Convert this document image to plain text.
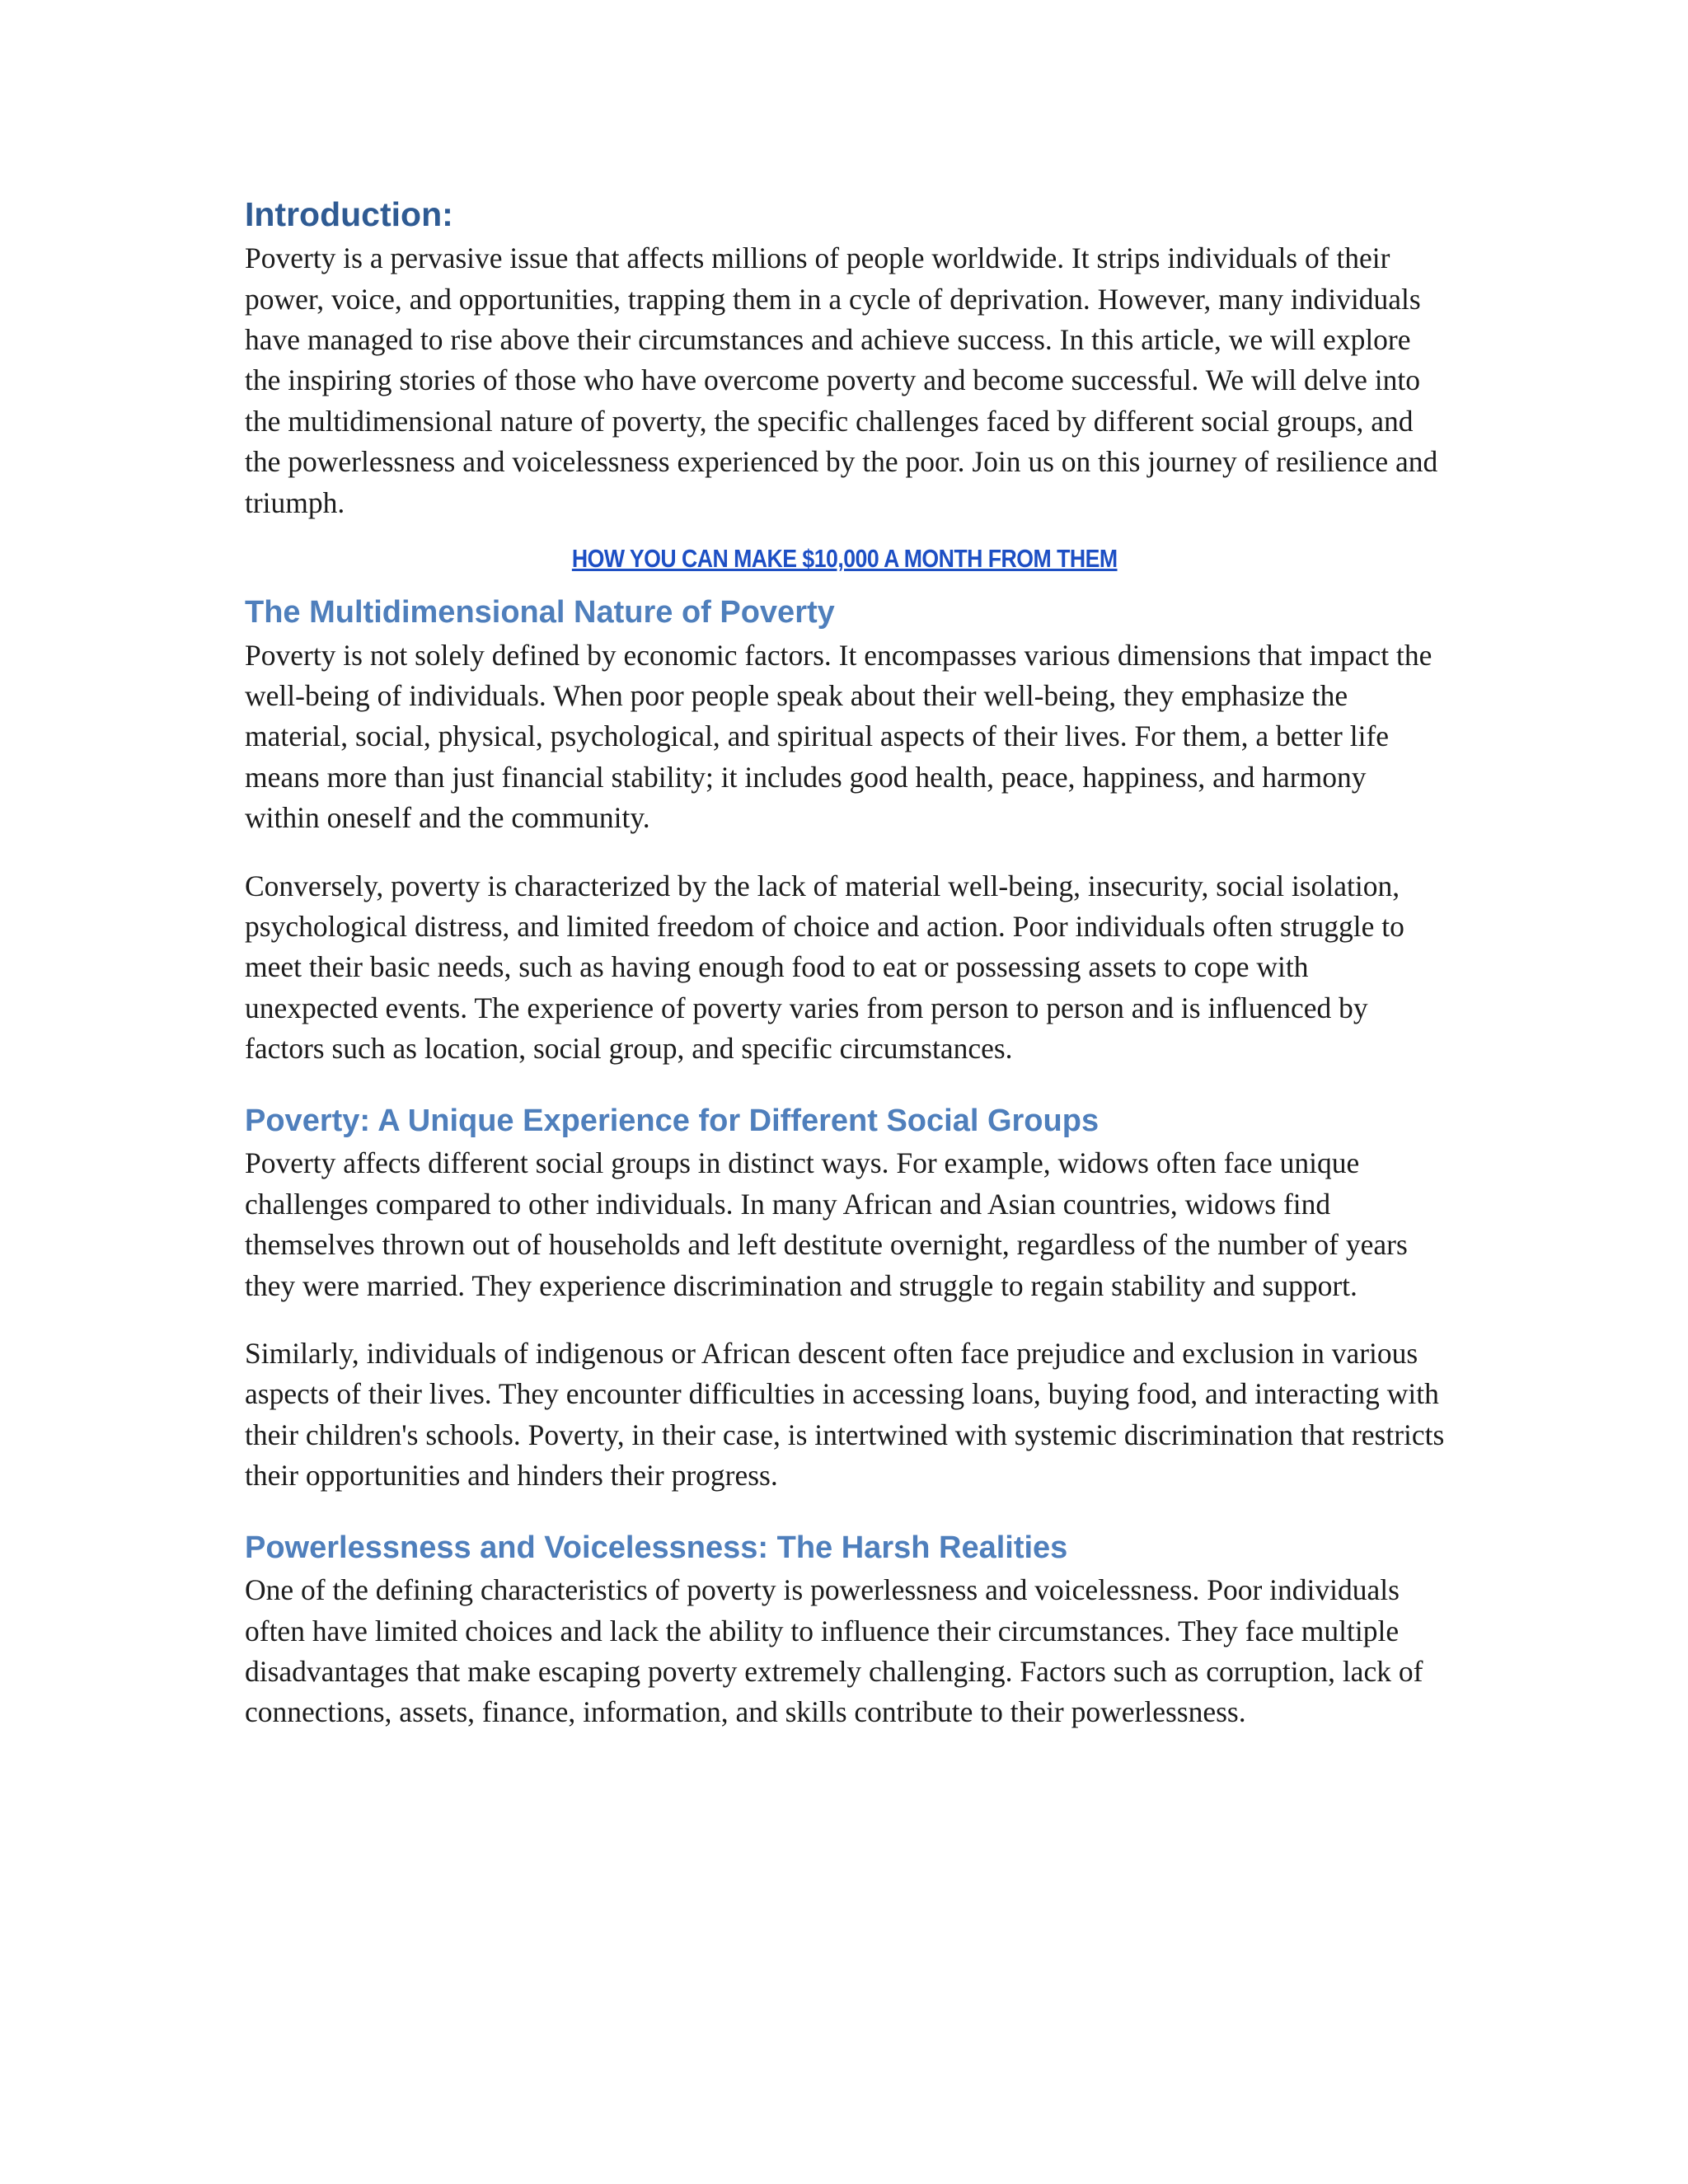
Introduction:

Poverty is a pervasive issue that affects millions of people worldwide. It strips individuals of their power, voice, and opportunities, trapping them in a cycle of deprivation. However, many individuals have managed to rise above their circumstances and achieve success. In this article, we will explore the inspiring stories of those who have overcome poverty and become successful. We will delve into the multidimensional nature of poverty, the specific challenges faced by different social groups, and the powerlessness and voicelessness experienced by the poor. Join us on this journey of resilience and triumph.

HOW YOU CAN MAKE $10,000 A MONTH FROM THEM
The Multidimensional Nature of Poverty

Poverty is not solely defined by economic factors. It encompasses various dimensions that impact the well-being of individuals. When poor people speak about their well-being, they emphasize the material, social, physical, psychological, and spiritual aspects of their lives. For them, a better life means more than just financial stability; it includes good health, peace, happiness, and harmony within oneself and the community.

Conversely, poverty is characterized by the lack of material well-being, insecurity, social isolation, psychological distress, and limited freedom of choice and action. Poor individuals often struggle to meet their basic needs, such as having enough food to eat or possessing assets to cope with unexpected events. The experience of poverty varies from person to person and is influenced by factors such as location, social group, and specific circumstances.

Poverty: A Unique Experience for Different Social Groups

Poverty affects different social groups in distinct ways. For example, widows often face unique challenges compared to other individuals. In many African and Asian countries, widows find themselves thrown out of households and left destitute overnight, regardless of the number of years they were married. They experience discrimination and struggle to regain stability and support.

Similarly, individuals of indigenous or African descent often face prejudice and exclusion in various aspects of their lives. They encounter difficulties in accessing loans, buying food, and interacting with their children's schools. Poverty, in their case, is intertwined with systemic discrimination that restricts their opportunities and hinders their progress.

Powerlessness and Voicelessness: The Harsh Realities

One of the defining characteristics of poverty is powerlessness and voicelessness. Poor individuals often have limited choices and lack the ability to influence their circumstances. They face multiple disadvantages that make escaping poverty extremely challenging. Factors such as corruption, lack of connections, assets, finance, information, and skills contribute to their powerlessness.
